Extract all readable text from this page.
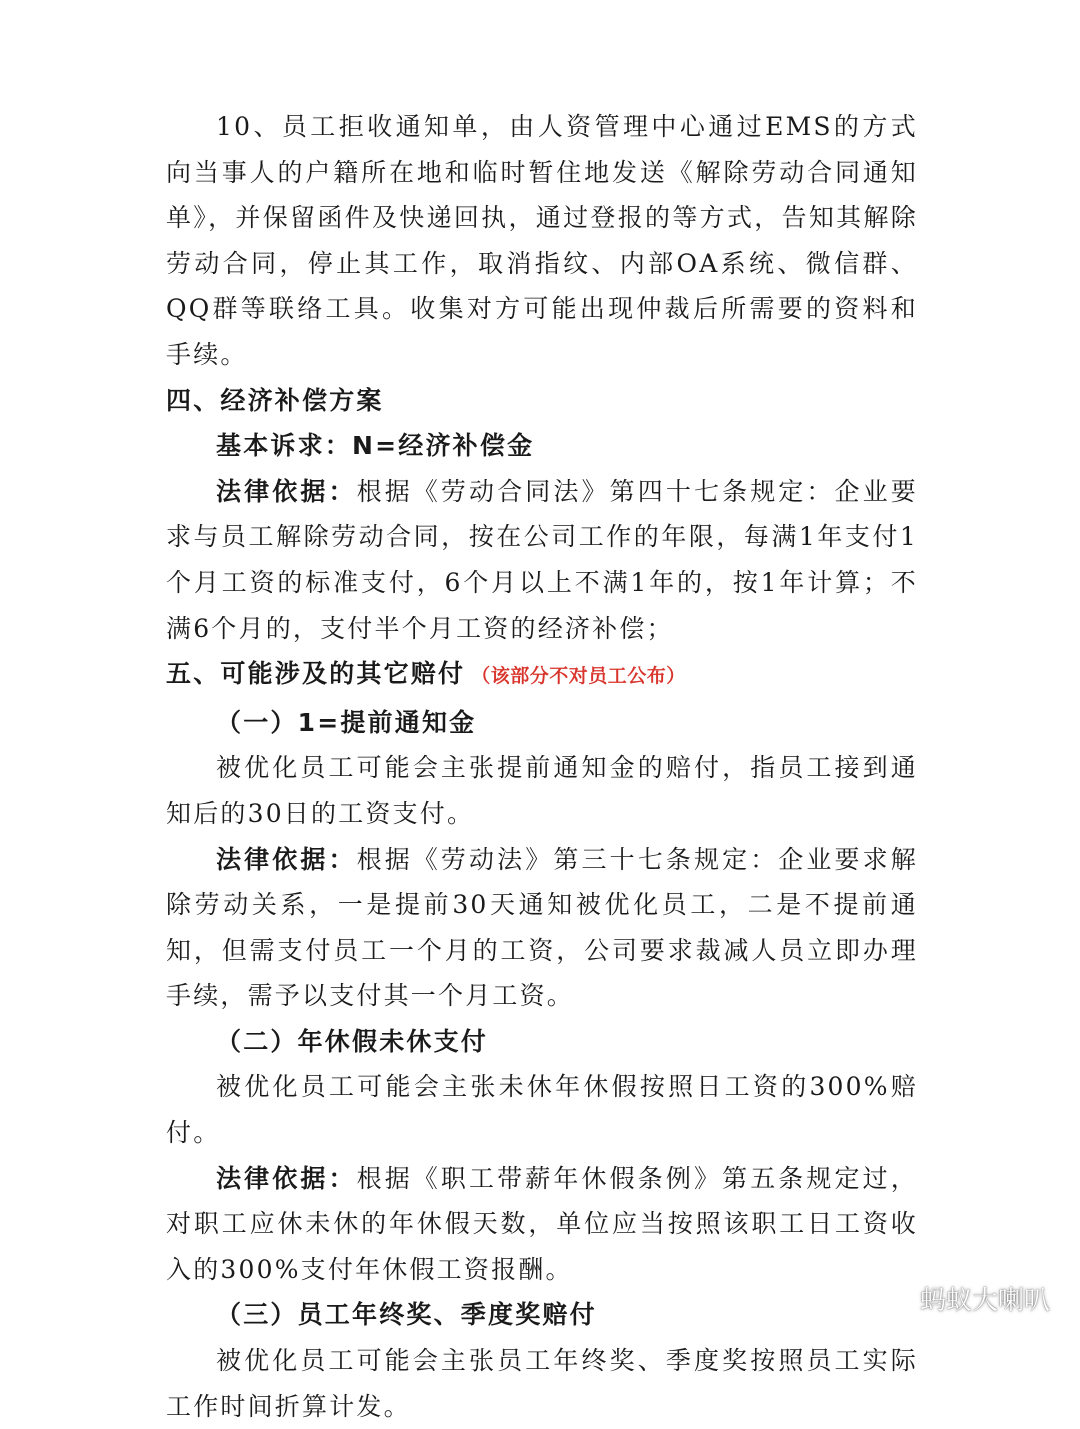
10、员工拒收通知单，由人资管理中心通过EMS的方式向当事人的户籍所在地和临时暂住地发送《解除劳动合同通知单》，并保留函件及快递回执，通过登报的等方式，告知其解除劳动合同，停止其工作，取消指纹、内部OA系统、微信群、QQ群等联络工具。收集对方可能出现仲裁后所需要的资料和手续。

四、经济补偿方案

基本诉求：N=经济补偿金

法律依据：根据《劳动合同法》第四十七条规定：企业要求与员工解除劳动合同，按在公司工作的年限，每满1年支付1个月工资的标准支付，6个月以上不满1年的，按1年计算；不满6个月的，支付半个月工资的经济补偿；

五、可能涉及的其它赔付 （该部分不对员工公布）

（一）1=提前通知金

被优化员工可能会主张提前通知金的赔付，指员工接到通知后的30日的工资支付。

法律依据：根据《劳动法》第三十七条规定：企业要求解除劳动关系，一是提前30天通知被优化员工，二是不提前通知，但需支付员工一个月的工资，公司要求裁减人员立即办理手续，需予以支付其一个月工资。

（二）年休假未休支付

被优化员工可能会主张未休年休假按照日工资的300%赔付。

法律依据：根据《职工带薪年休假条例》第五条规定过，对职工应休未休的年休假天数，单位应当按照该职工日工资收入的300%支付年休假工资报酬。

（三）员工年终奖、季度奖赔付

被优化员工可能会主张员工年终奖、季度奖按照员工实际工作时间折算计发。

蚂蚁大喇叭
